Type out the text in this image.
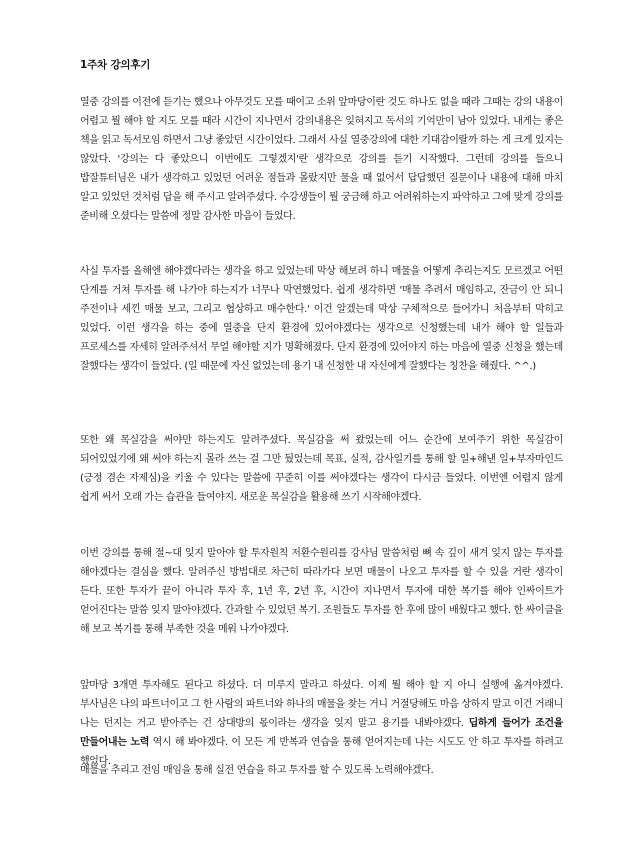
1주차 강의후기

열중 강의를 이전에 듣기는 했으나 아무것도 모를 때이고 소위 앞마당이란 것도 하나도 없을 때라 그때는 강의 내용이 어렵고 뭘 해야 할 지도 모를 때라 시간이 지나면서 강의내용은 잊혀지고 독서의 기억만이 남아 있었다. 내게는 좋은 책을 읽고 독서모임 하면서 그냥 좋았던 시간이었다. 그래서 사실 열중강의에 대한 기대감이랄까 하는 게 크게 있지는 않았다. '강의는 다 좋았으니 이번에도 그렇겠지'란 생각으로 강의를 듣기 시작했다. 그런데 강의를 들으니 밥잘튜터님은 내가 생각하고 있었던 어려운 점들과 몰랐지만 물을 때 없어서 답답했던 질문이나 내용에 대해 마치 알고 있었던 것처럼 답을 해 주시고 알려주셨다. 수강생들이 뭘 궁금해 하고 어려워하는지 파악하고 그에 맞게 강의를 준비해 오셨다는 말씀에 정말 감사한 마음이 들었다.

사실 투자를 올해엔 해야겠다라는 생각을 하고 있었는데 막상 해보려 하니 매물을 어떻게 추리는지도 모르겠고 어떤 단계를 거쳐 투자를 해 나가야 하는지가 너무나 막연했었다. 쉽게 생각하면 '매물 추려서 매임하고, 잔금이 안 되니 주전이나 세낀 매물 보고, 그리고 협상하고 매수한다.' 이건 알겠는데 막상 구체적으로 들어가니 처음부터 막히고 있었다. 이런 생각을 하는 중에 열중을 단지 환경에 있어야겠다는 생각으로 신청했는데 내가 해야 할 일들과 프로세스를 자세히 알려주셔서 무얼 해야할 지가 명확해졌다. 단지 환경에 있어야지 하는 마음에 열중 신청을 했는데 잘했다는 생각이 들었다. (일 때문에 자신 없었는데 용기 내 신청한 내 자신에게 잘했다는 칭찬을 해줬다. ^^.)

또한 왜 목실감을 써야만 하는지도 알려주셨다. 목실감을 써 왔었는데 어느 순간에 보여주기 위한 목실감이 되어있었기에 왜 써야 하는지 몰라 쓰는 걸 그만 뒀었는데 목표, 실적, 감사일기를 통해 할 일+해낸 일+부자마인드(긍정 겸손 자제심)을 키울 수 있다는 말씀에 꾸준히 이를 써야겠다는 생각이 다시금 들었다. 이번엔 어렵지 않게 쉽게 써서 오래 가는 습관을 들여야지. 새로운 목실감을 활용해 쓰기 시작해야겠다.

이번 강의를 통해 절~대 잊지 말아야 할 투자원칙 저환수원리를 강사님 말씀처럼 뼈 속 깊이 새겨 잊지 않는 투자를 해야겠다는 결심을 했다. 알려주신 방법대로 차근히 따라가다 보면 매물이 나오고 투자를 할 수 있을 거란 생각이 든다. 또한 투자가 끝이 아니라 투자 후, 1년 후, 2년 후, 시간이 지나면서 투자에 대한 복기를 해야 인싸이트가 얻어진다는 말씀 잊지 말아야겠다. 간과할 수 있었던 복기. 조원들도 투자를 한 후에 많이 배웠다고 했다. 한 싸이클을 해 보고 복기를 통해 부족한 것을 메워 나가야겠다.

앞마당 3개면 투자해도 된다고 하셨다. 더 미루지 말라고 하셨다. 이제 뭘 해야 할 지 아니 실행에 옮겨야겠다. 부사님은 나의 파트너이고 그 한 사람의 파트너와 하나의 매물을 찾는 거니 거절당해도 마음 상하지 말고 이건 거래니 나는 던지는 거고 받아주는 건 상대방의 몫이라는 생각을 잊지 말고 용기를 내봐야겠다. 딥하게 들어가 조건을 만들어내는 노력 역시 해 봐야겠다. 이 모든 게 반복과 연습을 통해 얻어지는데 나는 시도도 안 하고 투자를 하려고 했었다.

매물을 추리고 전임 매임을 통해 실전 연습을 하고 투자를 할 수 있도록 노력해야겠다.
